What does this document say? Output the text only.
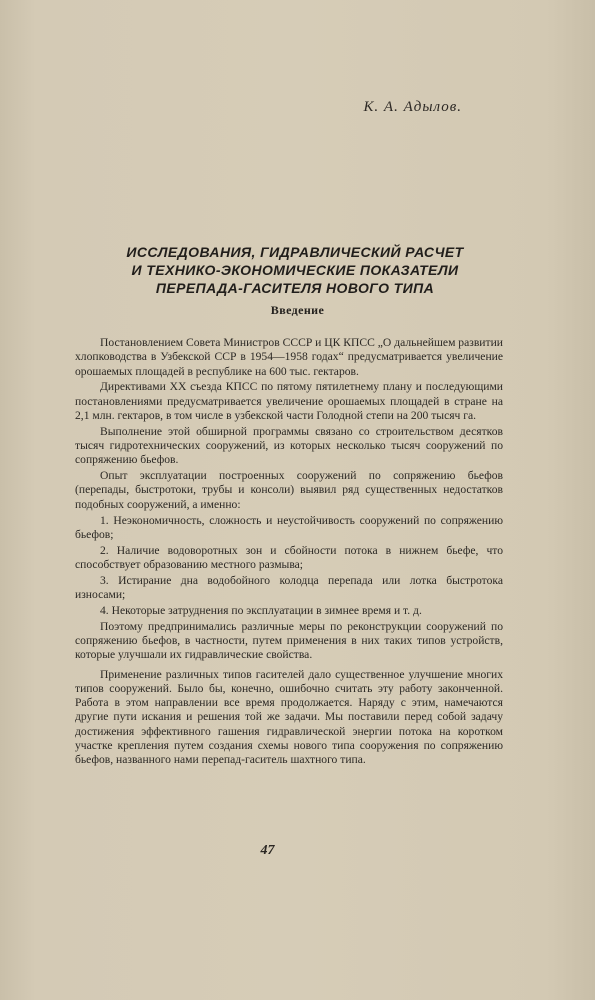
К. А. Адылов.
ИССЛЕДОВАНИЯ, ГИДРАВЛИЧЕСКИЙ РАСЧЕТ
И ТЕХНИКО-ЭКОНОМИЧЕСКИЕ ПОКАЗАТЕЛИ
ПЕРЕПАДА-ГАСИТЕЛЯ НОВОГО ТИПА
Введение

Постановлением Совета Министров СССР и ЦК КПСС „О дальнейшем развитии хлопководства в Узбекской ССР в 1954—1958 годах“ предусматривается увеличение орошаемых площадей в республике на 600 тыс. гектаров.

Директивами XX съезда КПСС по пятому пятилетнему плану и последующими постановлениями предусматривается увеличение орошаемых площадей в стране на 2,1 млн. гектаров, в том числе в узбекской части Голодной степи на 200 тысяч га.

Выполнение этой обширной программы связано со строительством десятков тысяч гидротехнических сооружений, из которых несколько тысяч сооружений по сопряжению бьефов.

Опыт эксплуатации построенных сооружений по сопряжению бьефов (перепады, быстротоки, трубы и консоли) выявил ряд существенных недостатков подобных сооружений, а именно:

1. Неэкономичность, сложность и неустойчивость сооружений по сопряжению бьефов;

2. Наличие водоворотных зон и сбойности потока в нижнем бьефе, что способствует образованию местного размыва;

3. Истирание дна водобойного колодца перепада или лотка быстротока износами;

4. Некоторые затруднения по эксплуатации в зимнее время и т. д.

Поэтому предпринимались различные меры по реконструкции сооружений по сопряжению бьефов, в частности, путем применения в них таких типов устройств, которые улучшали их гидравлические свойства.

Применение различных типов гасителей дало существенное улучшение многих типов сооружений. Было бы, конечно, ошибочно считать эту работу законченной. Работа в этом направлении все время продолжается. Наряду с этим, намечаются другие пути искания и решения той же задачи. Мы поставили перед собой задачу достижения эффективного гашения гидравлической энергии потока на коротком участке крепления путем создания схемы нового типа сооружения по сопряжению бьефов, названного нами перепад-гаситель шахтного типа.

47
